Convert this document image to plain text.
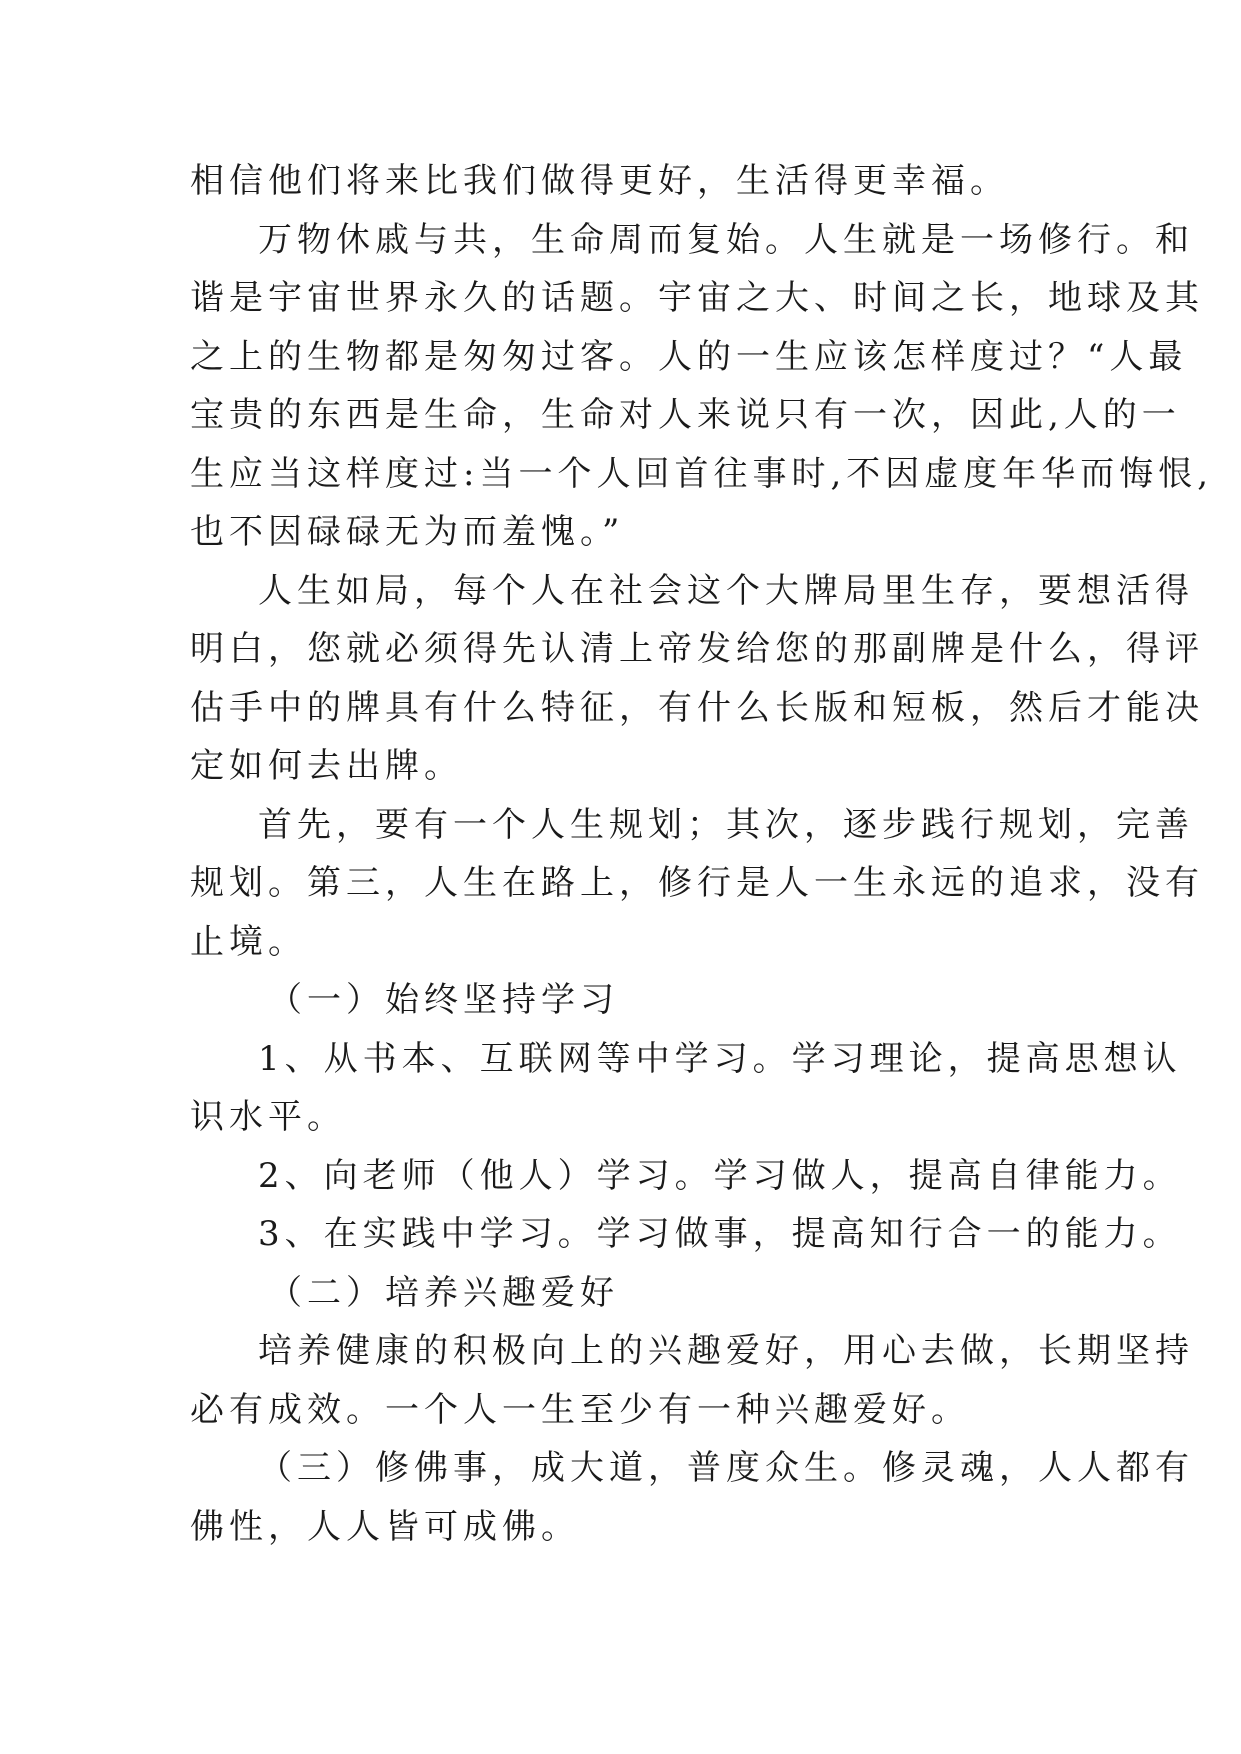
相信他们将来比我们做得更好，生活得更幸福。
万物休戚与共，生命周而复始。人生就是一场修行。和
谐是宇宙世界永久的话题。宇宙之大、时间之长，地球及其
之上的生物都是匆匆过客。人的一生应该怎样度过？“人最
宝贵的东西是生命，生命对人来说只有一次，因此,人的一
生应当这样度过:当一个人回首往事时,不因虚度年华而悔恨,
也不因碌碌无为而羞愧。”
人生如局，每个人在社会这个大牌局里生存，要想活得
明白，您就必须得先认清上帝发给您的那副牌是什么，得评
估手中的牌具有什么特征，有什么长版和短板，然后才能决
定如何去出牌。
首先，要有一个人生规划；其次，逐步践行规划，完善
规划。第三，人生在路上，修行是人一生永远的追求，没有
止境。
（一）始终坚持学习
1、从书本、互联网等中学习。学习理论，提高思想认
识水平。
2、向老师（他人）学习。学习做人，提高自律能力。
3、在实践中学习。学习做事，提高知行合一的能力。
（二）培养兴趣爱好
培养健康的积极向上的兴趣爱好，用心去做，长期坚持
必有成效。一个人一生至少有一种兴趣爱好。
（三）修佛事，成大道，普度众生。修灵魂，人人都有
佛性，人人皆可成佛。
